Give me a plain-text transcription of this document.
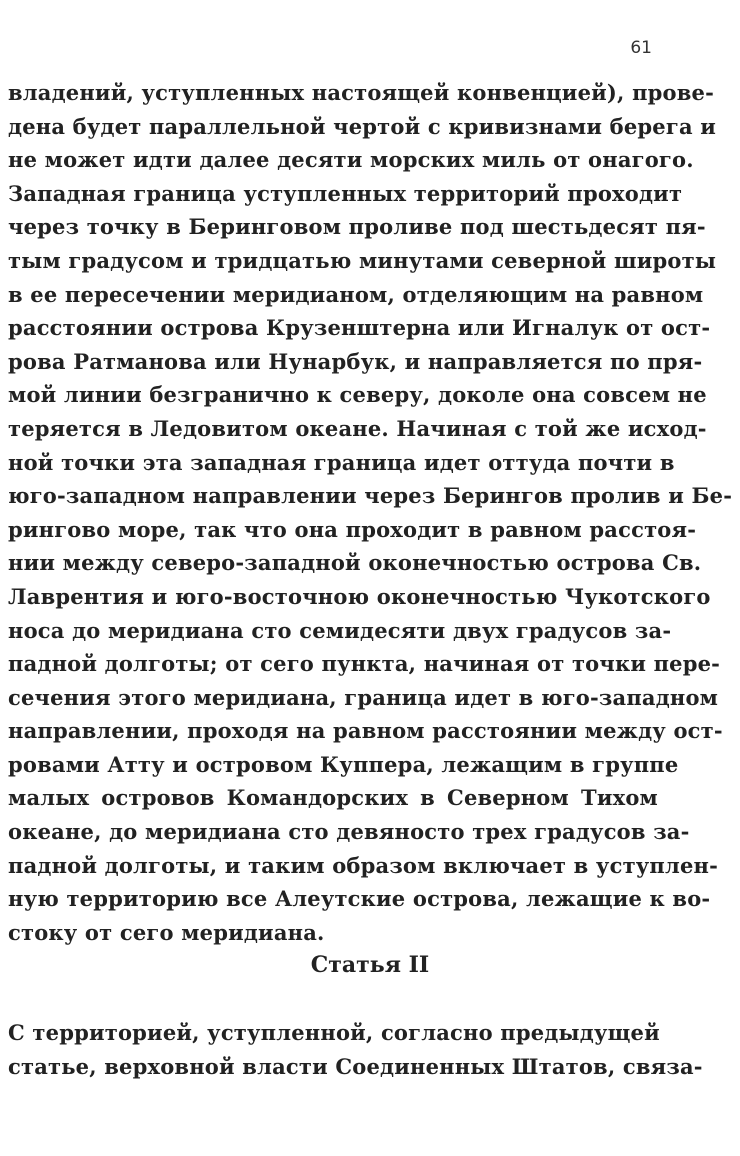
61
владений, уступленных настоящей конвенцией), прове-
дена будет параллельной чертой с кривизнами берега и
не может идти далее десяти морских миль от онагого.
Западная граница уступленных территорий проходит
через точку в Беринговом проливе под шестьдесят пя-
тым градусом и тридцатью минутами северной широты
в ее пересечении меридианом, отделяющим на равном
расстоянии острова Крузенштерна или Игналук от ост-
рова Ратманова или Нунарбук, и направляется по пря-
мой линии безгранично к северу, доколе она совсем не
теряется в Ледовитом океане. Начиная с той же исход-
ной точки эта западная граница идет оттуда почти в
юго-западном направлении через Берингов пролив и Бе-
рингово море, так что она проходит в равном расстоя-
нии между северо-западной оконечностью острова Св.
Лаврентия и юго-восточною оконечностью Чукотского
носа до меридиана сто семидесяти двух градусов за-
падной долготы; от сего пункта, начиная от точки пере-
сечения этого меридиана, граница идет в юго-западном
направлении, проходя на равном расстоянии между ост-
ровами Атту и островом Куппера, лежащим в группе
малых островов Командорских в Северном Тихом
океане, до меридиана сто девяносто трех градусов за-
падной долготы, и таким образом включает в уступлен-
ную территорию все Алеутские острова, лежащие к во-
стоку от сего меридиана.
Статья II
С территорией, уступленной, согласно предыдущей
статье, верховной власти Соединенных Штатов, связа-
